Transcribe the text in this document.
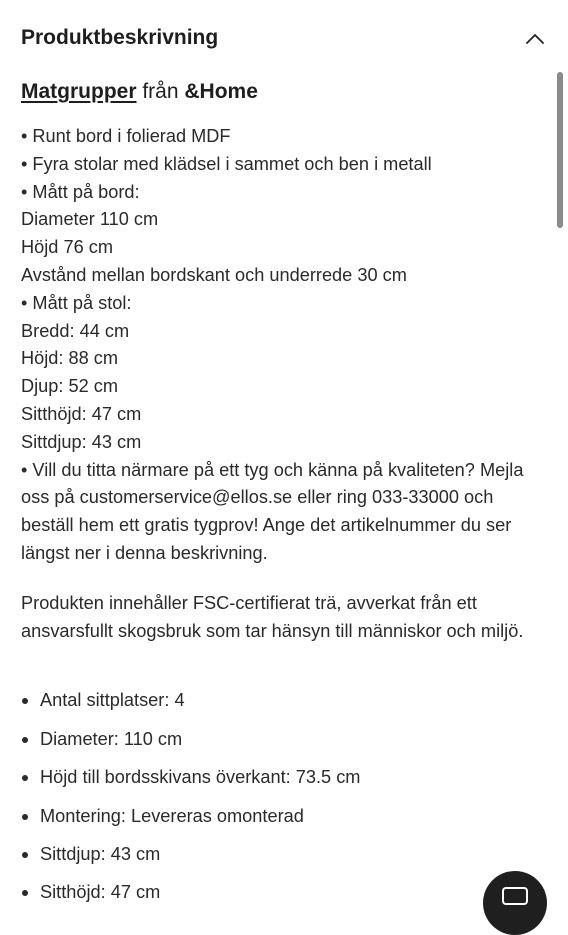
Produktbeskrivning
Matgrupper från &Home
• Runt bord i folierad MDF
• Fyra stolar med klädsel i sammet och ben i metall
• Mått på bord:
Diameter 110 cm
Höjd 76 cm
Avstånd mellan bordskant och underrede 30 cm
• Mått på stol:
Bredd: 44 cm
Höjd: 88 cm
Djup: 52 cm
Sitthöjd: 47 cm
Sittdjup: 43 cm
• Vill du titta närmare på ett tyg och känna på kvaliteten? Mejla oss på customerservice@ellos.se eller ring 033-33000 och beställ hem ett gratis tygprov! Ange det artikelnummer du ser längst ner i denna beskrivning.
Produkten innehåller FSC-certifierat trä, avverkat från ett ansvarsfullt skogsbruk som tar hänsyn till människor och miljö.
Antal sittplatser: 4
Diameter: 110 cm
Höjd till bordsskivans överkant: 73.5 cm
Montering: Levereras omonterad
Sittdjup: 43 cm
Sitthöjd: 47 cm
